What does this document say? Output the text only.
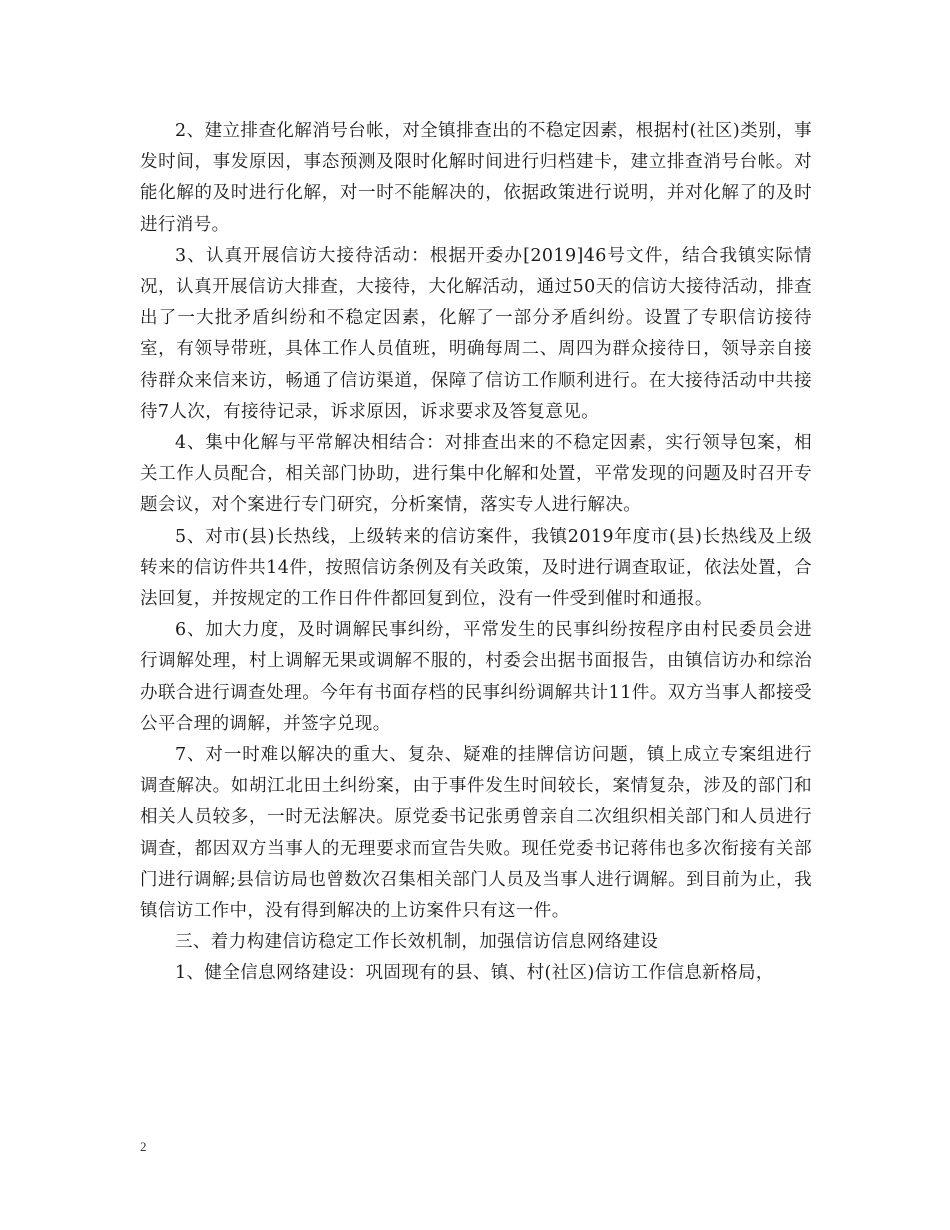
2、建立排查化解消号台帐，对全镇排查出的不稳定因素，根据村(社区)类别，事发时间，事发原因，事态预测及限时化解时间进行归档建卡，建立排查消号台帐。对能化解的及时进行化解，对一时不能解决的，依据政策进行说明，并对化解了的及时进行消号。

3、认真开展信访大接待活动：根据开委办[2019]46号文件，结合我镇实际情况，认真开展信访大排查，大接待，大化解活动，通过50天的信访大接待活动，排查出了一大批矛盾纠纷和不稳定因素，化解了一部分矛盾纠纷。设置了专职信访接待室，有领导带班，具体工作人员值班，明确每周二、周四为群众接待日，领导亲自接待群众来信来访，畅通了信访渠道，保障了信访工作顺利进行。在大接待活动中共接待7人次，有接待记录，诉求原因，诉求要求及答复意见。

4、集中化解与平常解决相结合：对排查出来的不稳定因素，实行领导包案，相关工作人员配合，相关部门协助，进行集中化解和处置，平常发现的问题及时召开专题会议，对个案进行专门研究，分析案情，落实专人进行解决。

5、对市(县)长热线，上级转来的信访案件，我镇2019年度市(县)长热线及上级转来的信访件共14件，按照信访条例及有关政策，及时进行调查取证，依法处置，合法回复，并按规定的工作日件件都回复到位，没有一件受到催时和通报。

6、加大力度，及时调解民事纠纷，平常发生的民事纠纷按程序由村民委员会进行调解处理，村上调解无果或调解不服的，村委会出据书面报告，由镇信访办和综治办联合进行调查处理。今年有书面存档的民事纠纷调解共计11件。双方当事人都接受公平合理的调解，并签字兑现。

7、对一时难以解决的重大、复杂、疑难的挂牌信访问题，镇上成立专案组进行调查解决。如胡江北田土纠纷案，由于事件发生时间较长，案情复杂，涉及的部门和相关人员较多，一时无法解决。原党委书记张勇曾亲自二次组织相关部门和人员进行调查，都因双方当事人的无理要求而宣告失败。现任党委书记蒋伟也多次衔接有关部门进行调解;县信访局也曾数次召集相关部门人员及当事人进行调解。到目前为止，我镇信访工作中，没有得到解决的上访案件只有这一件。

三、着力构建信访稳定工作长效机制，加强信访信息网络建设

1、健全信息网络建设：巩固现有的县、镇、村(社区)信访工作信息新格局，

2
